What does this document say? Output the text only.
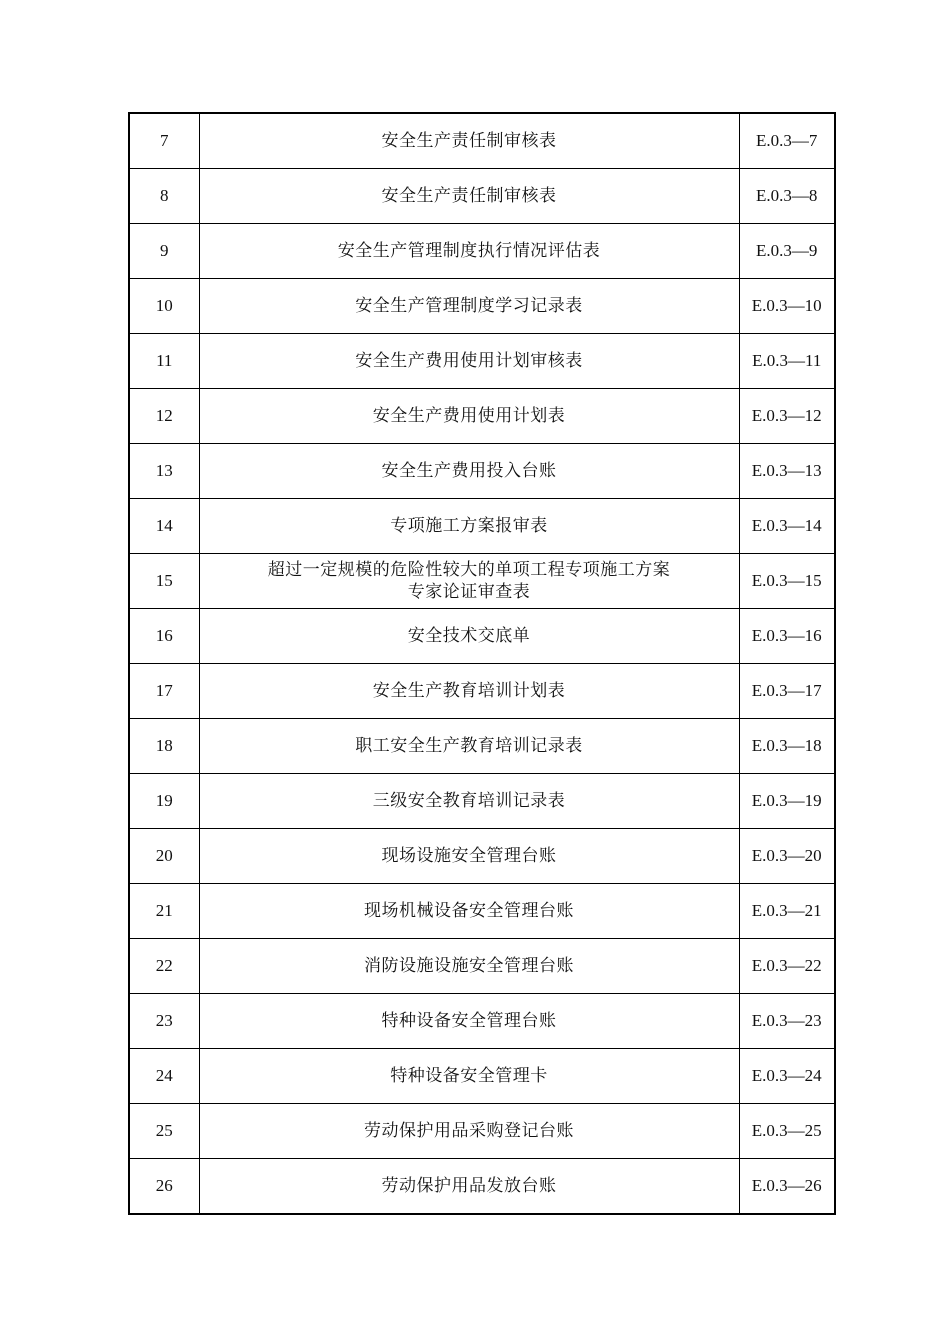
7	安全生产责任制审核表	E.0.3—7
8	安全生产责任制审核表	E.0.3—8
9	安全生产管理制度执行情况评估表	E.0.3—9
10	安全生产管理制度学习记录表	E.0.3—10
11	安全生产费用使用计划审核表	E.0.3—11
12	安全生产费用使用计划表	E.0.3—12
13	安全生产费用投入台账	E.0.3—13
14	专项施工方案报审表	E.0.3—14
15	超过一定规模的危险性较大的单项工程专项施工方案
专家论证审查表	E.0.3—15
16	安全技术交底单	E.0.3—16
17	安全生产教育培训计划表	E.0.3—17
18	职工安全生产教育培训记录表	E.0.3—18
19	三级安全教育培训记录表	E.0.3—19
20	现场设施安全管理台账	E.0.3—20
21	现场机械设备安全管理台账	E.0.3—21
22	消防设施设施安全管理台账	E.0.3—22
23	特种设备安全管理台账	E.0.3—23
24	特种设备安全管理卡	E.0.3—24
25	劳动保护用品采购登记台账	E.0.3—25
26	劳动保护用品发放台账	E.0.3—26
